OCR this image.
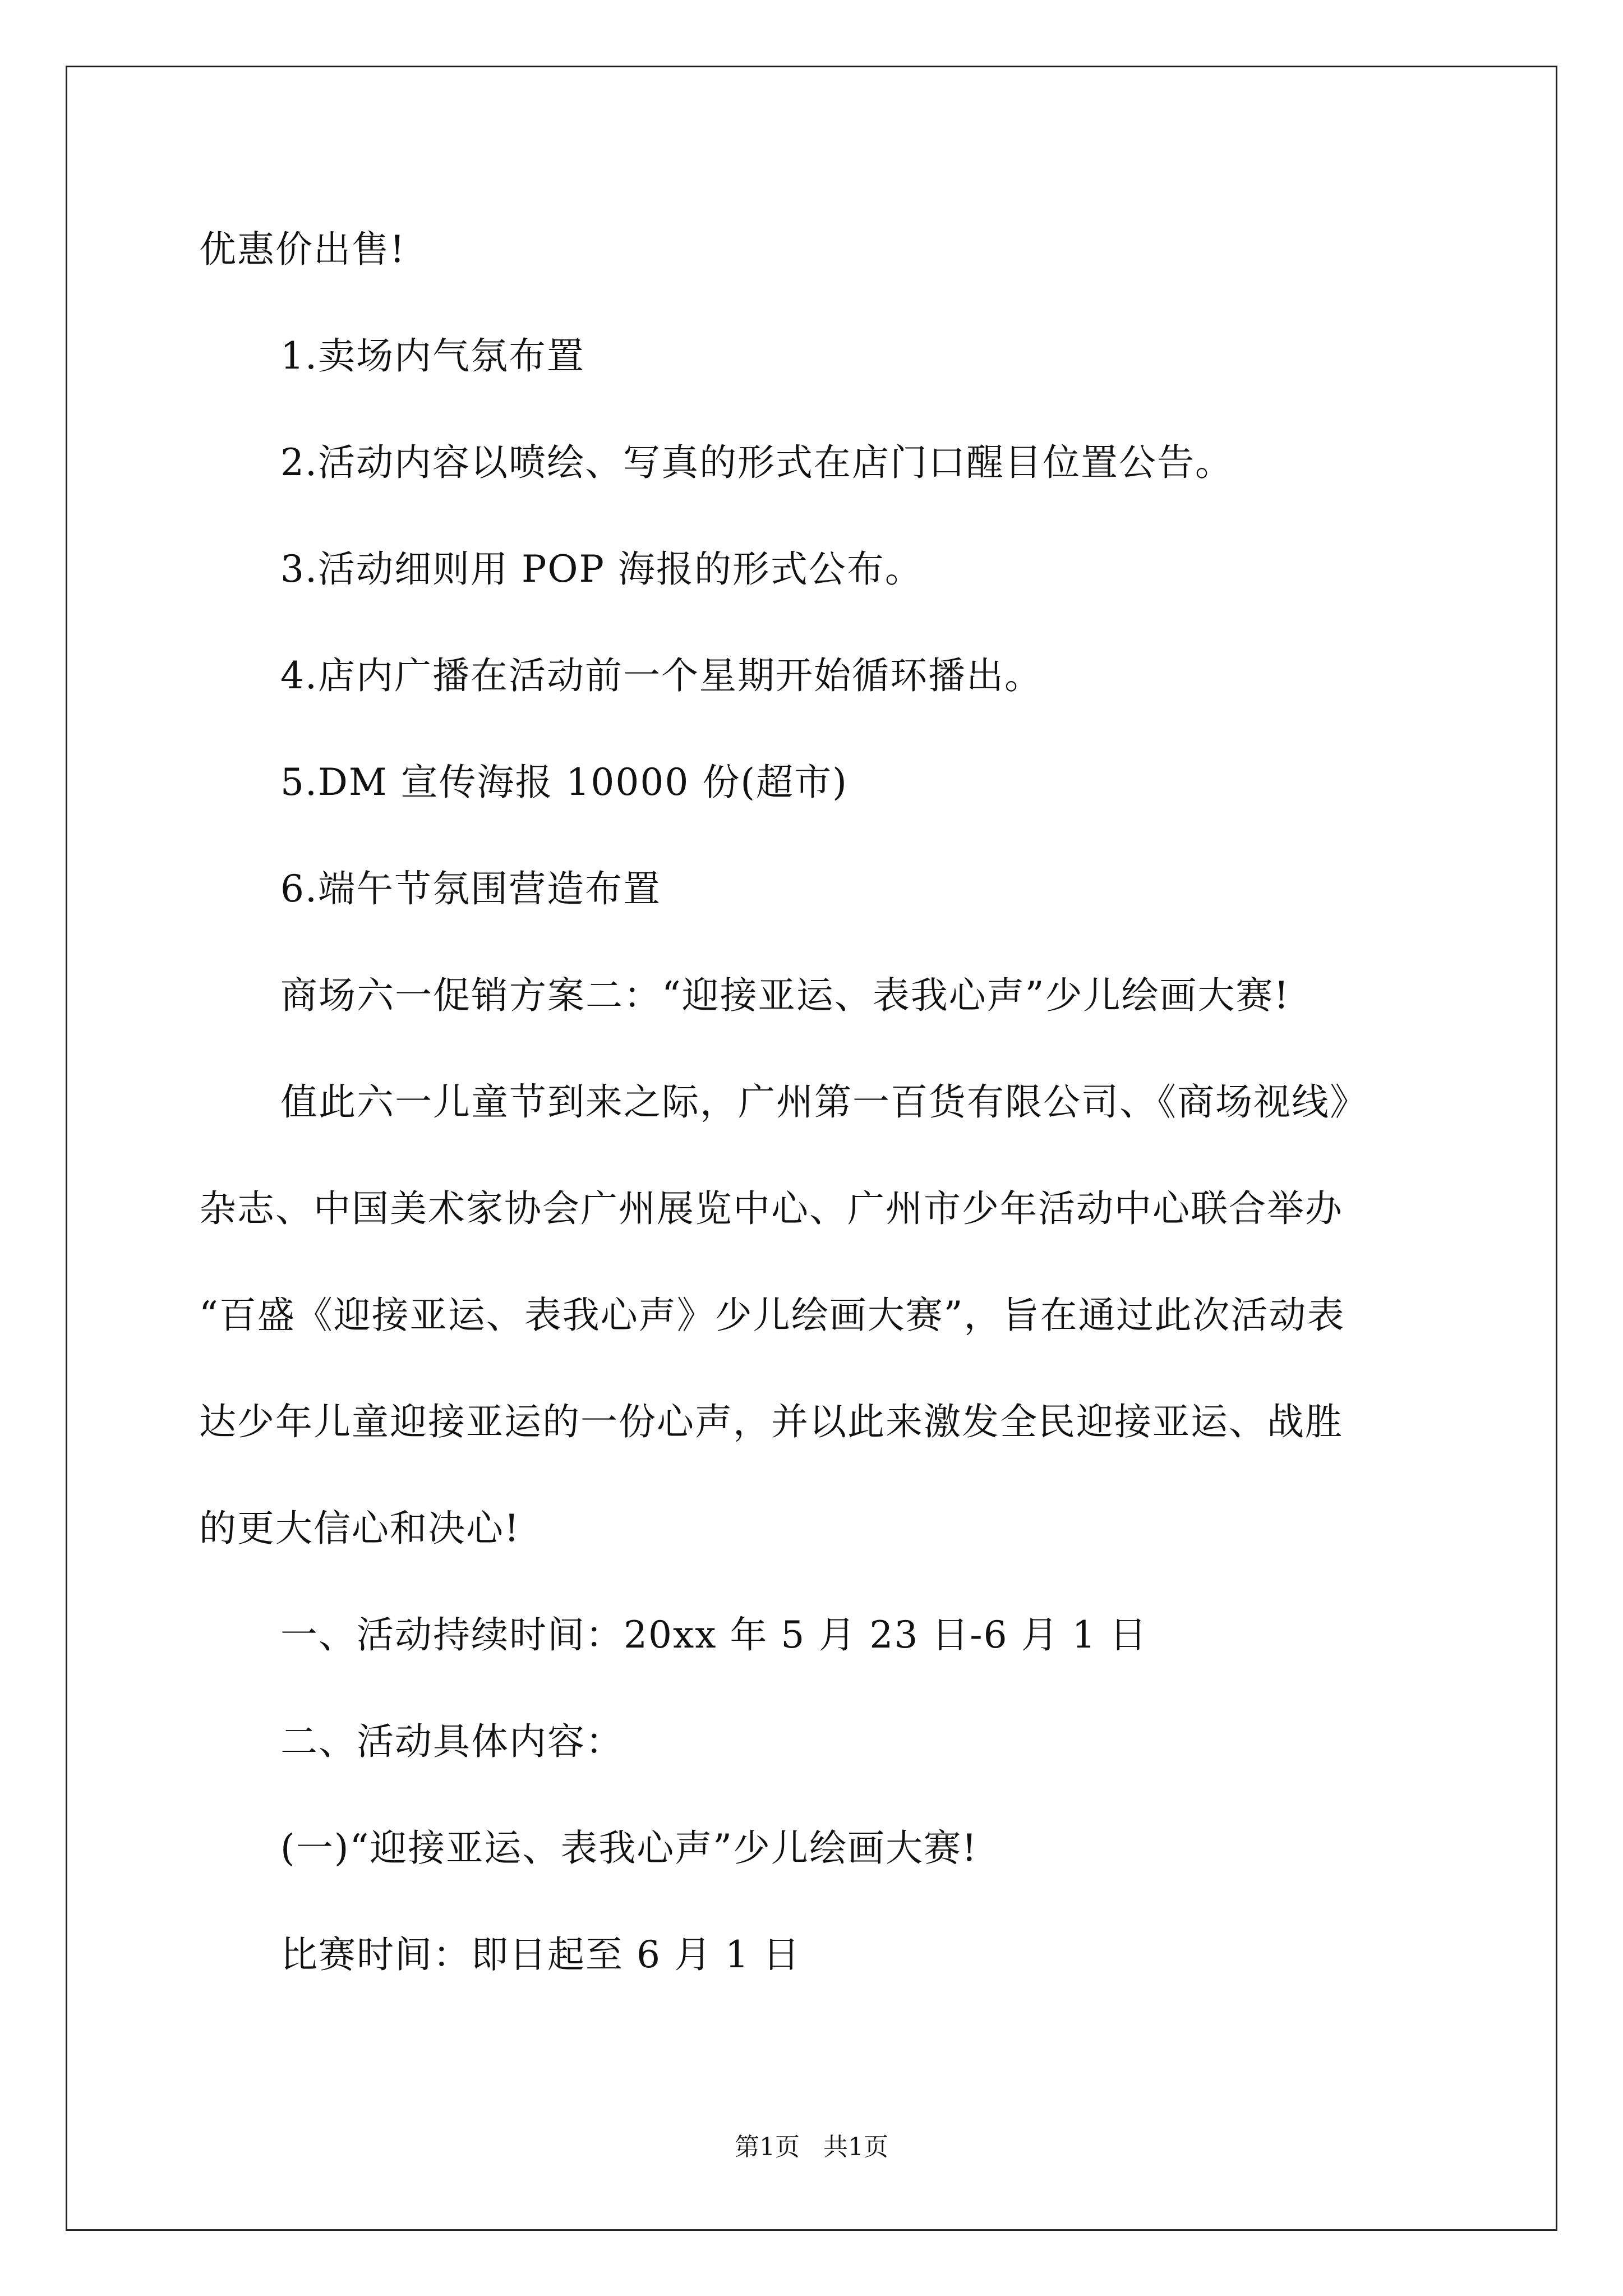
优惠价出售!
1.卖场内气氛布置
2.活动内容以喷绘、写真的形式在店门口醒目位置公告。
3.活动细则用 POP 海报的形式公布。
4.店内广播在活动前一个星期开始循环播出。
5.DM 宣传海报 10000 份(超市)
6.端午节氛围营造布置
商场六一促销方案二：“迎接亚运、表我心声”少儿绘画大赛!
值此六一儿童节到来之际，广州第一百货有限公司、《商场视线》
杂志、中国美术家协会广州展览中心、广州市少年活动中心联合举办
“百盛《迎接亚运、表我心声》少儿绘画大赛”，旨在通过此次活动表
达少年儿童迎接亚运的一份心声，并以此来激发全民迎接亚运、战胜
的更大信心和决心!
一、活动持续时间：20xx 年 5 月 23 日-6 月 1 日
二、活动具体内容：
(一)“迎接亚运、表我心声”少儿绘画大赛!
比赛时间：即日起至 6 月 1 日
第1页   共1页
